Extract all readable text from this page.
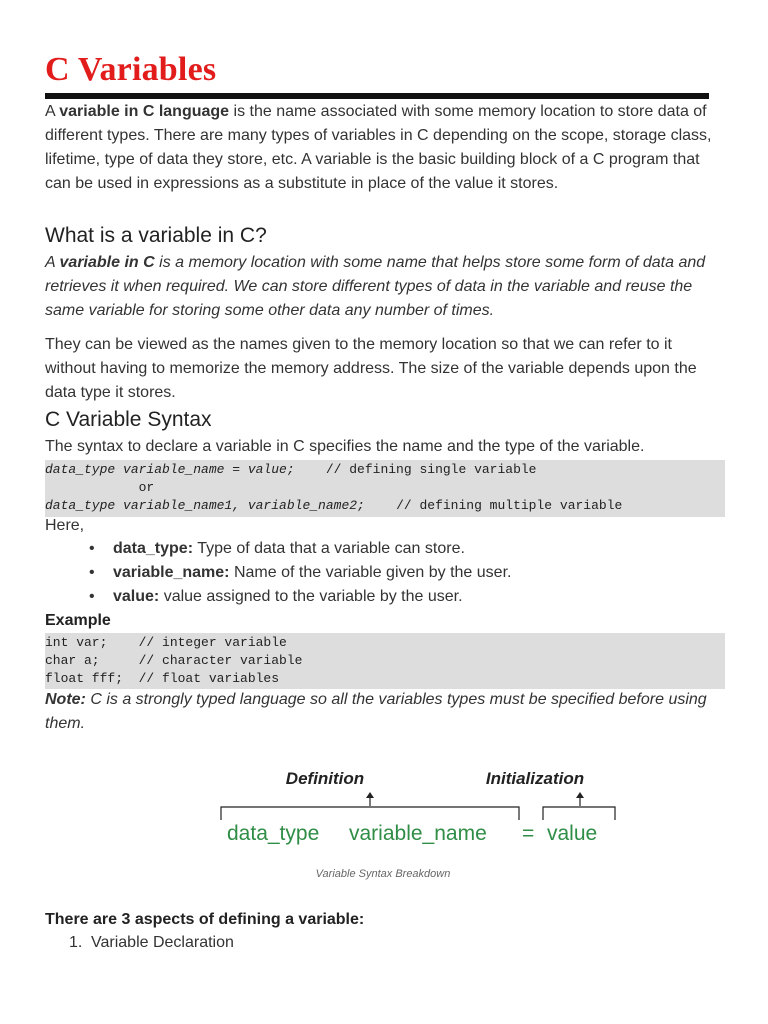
C Variables

A variable in C language is the name associated with some memory location to store data of different types. There are many types of variables in C depending on the scope, storage class, lifetime, type of data they store, etc. A variable is the basic building block of a C program that can be used in expressions as a substitute in place of the value it stores.

What is a variable in C?

A variable in C is a memory location with some name that helps store some form of data and retrieves it when required. We can store different types of data in the variable and reuse the same variable for storing some other data any number of times.

They can be viewed as the names given to the memory location so that we can refer to it without having to memorize the memory address. The size of the variable depends upon the data type it stores.

C Variable Syntax

The syntax to declare a variable in C specifies the name and the type of the variable.

data_type variable_name = value;    // defining single variable
or
data_type variable_name1, variable_name2;    // defining multiple variable

Here,

• data_type: Type of data that a variable can store.
• variable_name: Name of the variable given by the user.
• value: value assigned to the variable by the user.

Example

int var;    // integer variable
char a;     // character variable
float fff;  // float variables

Note: C is a strongly typed language so all the variables types must be specified before using them.

Definition	Initialization
data_type variable_name = value
Variable Syntax Breakdown

There are 3 aspects of defining a variable:

1. Variable Declaration
